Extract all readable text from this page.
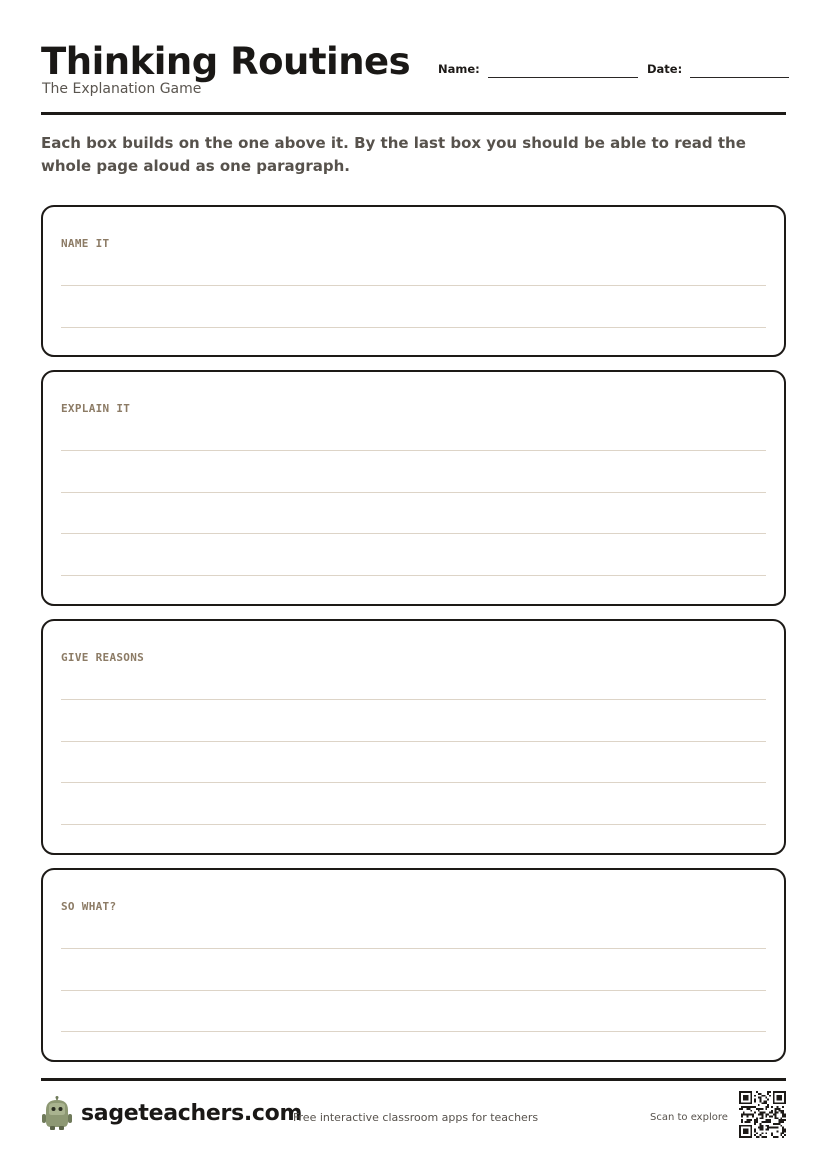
Thinking Routines
The Explanation Game
Name:	Date:
Each box builds on the one above it. By the last box you should be able to read the whole page aloud as one paragraph.
NAME IT
EXPLAIN IT
GIVE REASONS
SO WHAT?
sageteachers.com
Free interactive classroom apps for teachers	Scan to explore
